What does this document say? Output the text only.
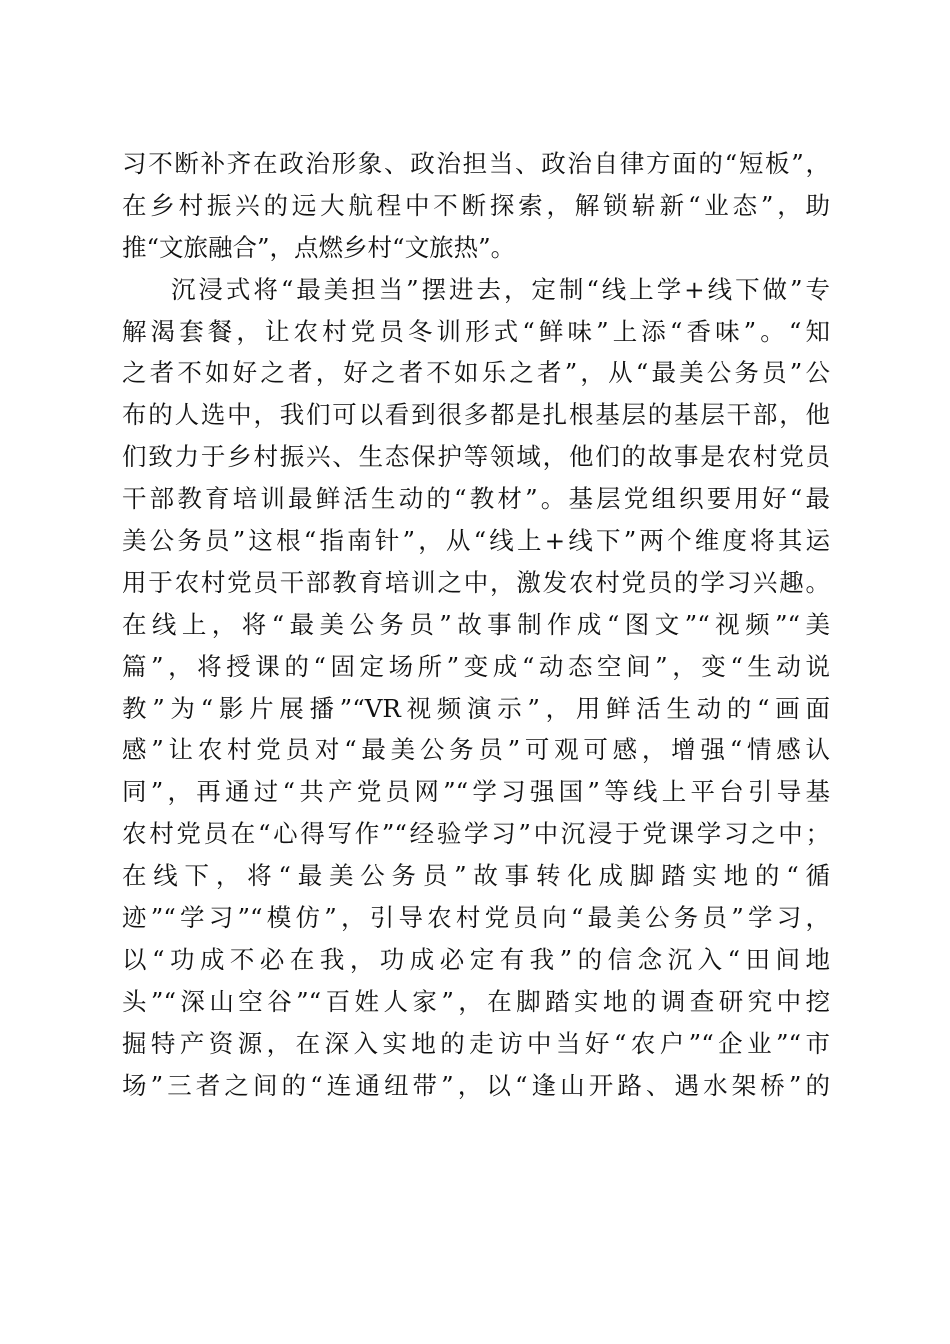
习不断补齐在政治形象、政治担当、政治自律方面的“短板”，
在乡村振兴的远大航程中不断探索，解锁崭新“业态”，助
推“文旅融合”，点燃乡村“文旅热”。
沉浸式将“最美担当”摆进去，定制“线上学+线下做”专
解渴套餐，让农村党员冬训形式“鲜味”上添“香味”。“知
之者不如好之者，好之者不如乐之者”，从“最美公务员”公
布的人选中，我们可以看到很多都是扎根基层的基层干部，他
们致力于乡村振兴、生态保护等领域，他们的故事是农村党员
干部教育培训最鲜活生动的“教材”。基层党组织要用好“最
美公务员”这根“指南针”，从“线上+线下”两个维度将其运
用于农村党员干部教育培训之中，激发农村党员的学习兴趣。
在线上，将“最美公务员”故事制作成“图文”“视频”“美
篇”，将授课的“固定场所”变成“动态空间”，变“生动说
教”为“影片展播”“VR视频演示”，用鲜活生动的“画面
感”让农村党员对“最美公务员”可观可感，增强“情感认
同”，再通过“共产党员网”“学习强国”等线上平台引导基
农村党员在“心得写作”“经验学习”中沉浸于党课学习之中；
在线下，将“最美公务员”故事转化成脚踏实地的“循
迹”“学习”“模仿”，引导农村党员向“最美公务员”学习，
以“功成不必在我，功成必定有我”的信念沉入“田间地
头”“深山空谷”“百姓人家”，在脚踏实地的调查研究中挖
掘特产资源，在深入实地的走访中当好“农户”“企业”“市
场”三者之间的“连通纽带”，以“逢山开路、遇水架桥”的
